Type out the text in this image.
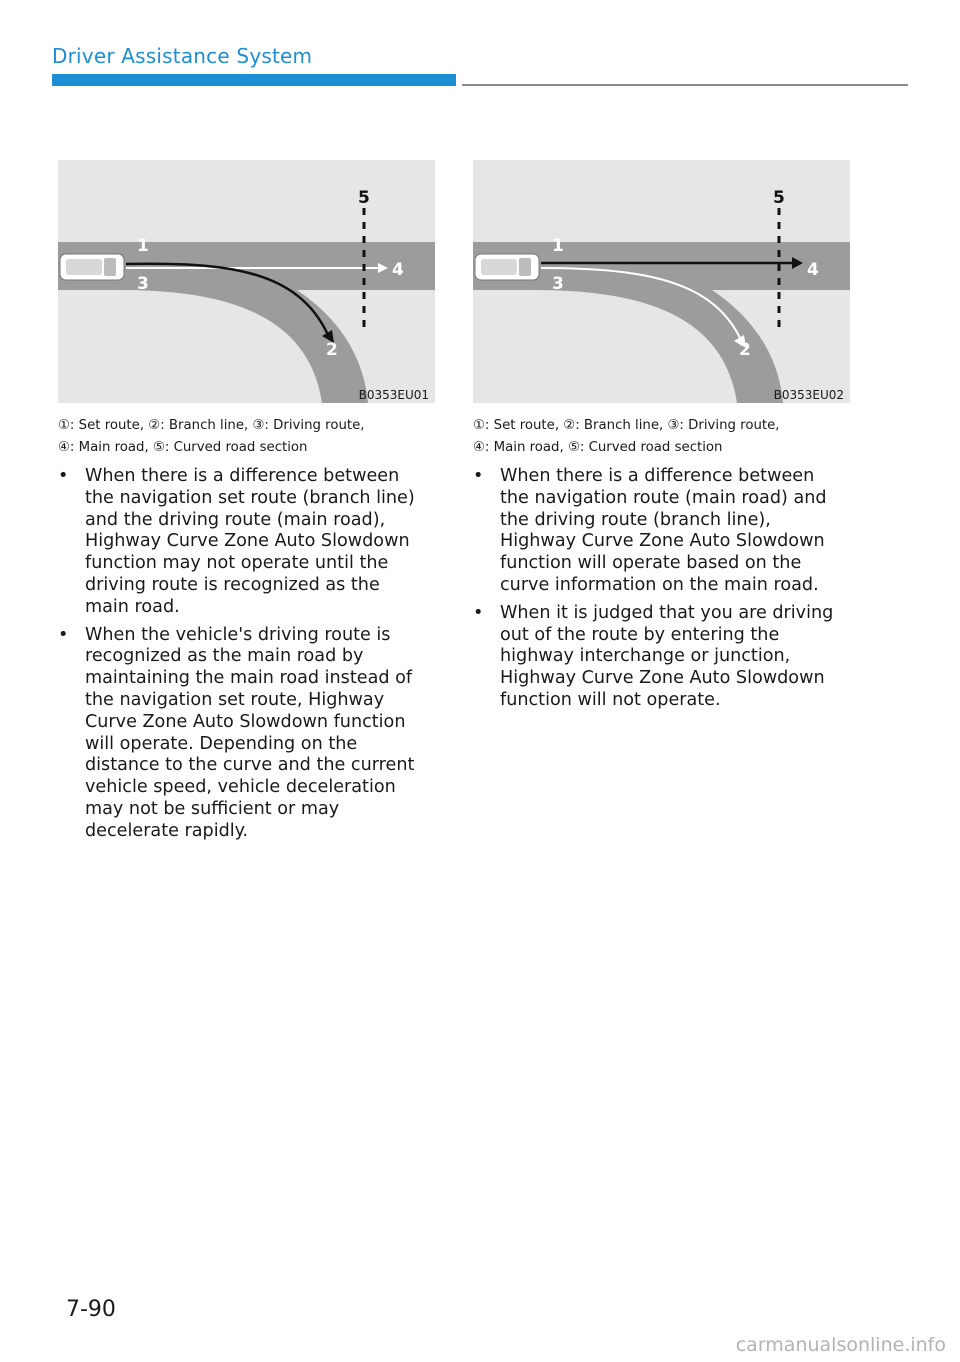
Driver Assistance System
1
3
2
4
5
B0353EU01
1
3
2
4
5
B0353EU02
①: Set route, ②: Branch line, ③: Driving route,
④: Main road, ⑤: Curved road section
①: Set route, ②: Branch line, ③: Driving route,
④: Main road, ⑤: Curved road section
• When there is a difference between the navigation set route (branch line) and the driving route (main road), Highway Curve Zone Auto Slowdown function may not operate until the driving route is recognized as the main road.
• When the vehicle's driving route is recognized as the main road by maintaining the main road instead of the navigation set route, Highway Curve Zone Auto Slowdown function will operate. Depending on the distance to the curve and the current vehicle speed, vehicle deceleration may not be sufficient or may decelerate rapidly.
• When there is a difference between the navigation route (main road) and the driving route (branch line), Highway Curve Zone Auto Slowdown function will operate based on the curve information on the main road.
• When it is judged that you are driving out of the route by entering the highway interchange or junction, Highway Curve Zone Auto Slowdown function will not operate.
7-90
carmanualsonline.info
